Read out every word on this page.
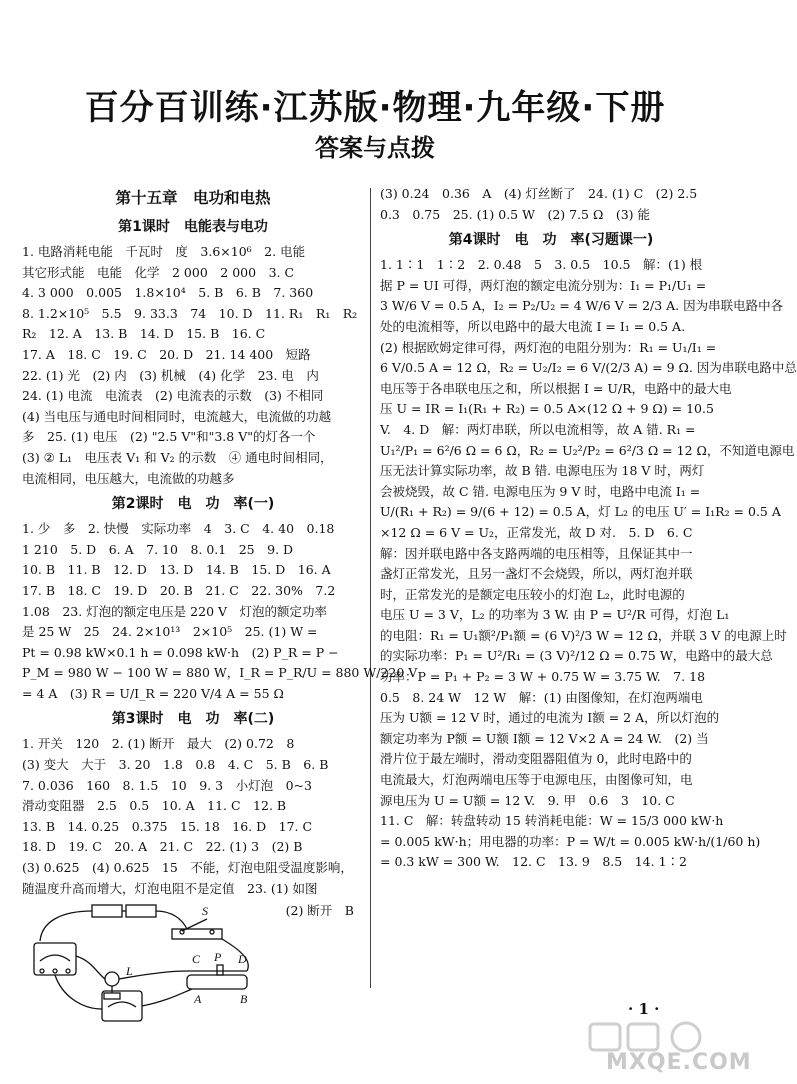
百分百训练·江苏版·物理·九年级·下册
答案与点拨
第十五章　电功和电热
第1课时　电能表与电功

1. 电路消耗电能　千瓦时　度　3.6×10⁶　2. 电能

其它形式能　电能　化学　2 000　2 000　3. C

4. 3 000　0.005　1.8×10⁴　5. B　6. B　7. 360

8. 1.2×10⁵　5.5　9. 33.3　74　10. D　11. R₁　R₁　R₂

R₂　12. A　13. B　14. D　15. B　16. C

17. A　18. C　19. C　20. D　21. 14 400　短路

22. (1) 光　(2) 内　(3) 机械　(4) 化学　23. 电　内

24. (1) 电流　电流表　(2) 电流表的示数　(3) 不相同

(4) 当电压与通电时间相同时，电流越大，电流做的功越

多　25. (1) 电压　(2) "2.5 V"和"3.8 V"的灯各一个

(3) ② L₁　电压表 V₁ 和 V₂ 的示数　④ 通电时间相同，

电流相同，电压越大，电流做的功越多

第2课时　电　功　率(一)

1. 少　多　2. 快慢　实际功率　4　3. C　4. 40　0.18

1 210　5. D　6. A　7. 10　8. 0.1　25　9. D

10. B　11. B　12. D　13. D　14. B　15. D　16. A

17. B　18. C　19. D　20. B　21. C　22. 30%　7.2

1.08　23. 灯泡的额定电压是 220 V　灯泡的额定功率

是 25 W　25　24. 2×10¹³　2×10⁵　25. (1) W =

Pt = 0.98 kW×0.1 h = 0.098 kW·h　(2) P_R = P −

P_M = 980 W − 100 W = 880 W，I_R = P_R/U = 880 W/220 V

= 4 A　(3) R = U/I_R = 220 V/4 A = 55 Ω

第3课时　电　功　率(二)

1. 开关　120　2. (1) 断开　最大　(2) 0.72　8

(3) 变大　大于　3. 20　1.8　0.8　4. C　5. B　6. B

7. 0.036　160　8. 1.5　10　9. 3　小灯泡　0~3

滑动变阻器　2.5　0.5　10. A　11. C　12. B

13. B　14. 0.25　0.375　15. 18　16. D　17. C

18. D　19. C　20. A　21. C　22. (1) 3　(2) B

(3) 0.625　(4) 0.625　15　不能，灯泡电阻受温度影响，

随温度升高而增大，灯泡电阻不是定值　23. (1) 如图

(2) 断开　B
S
L
C P D
A	B

(3) 0.24　0.36　A　(4) 灯丝断了　24. (1) C　(2) 2.5

0.3　0.75　25. (1) 0.5 W　(2) 7.5 Ω　(3) 能

第4课时　电　功　率(习题课一)

1. 1∶1　1∶2　2. 0.48　5　3. 0.5　10.5　解：(1) 根

据 P = UI 可得，两灯泡的额定电流分别为：I₁ = P₁/U₁ =

3 W/6 V = 0.5 A，I₂ = P₂/U₂ = 4 W/6 V = 2/3 A. 因为串联电路中各

处的电流相等，所以电路中的最大电流 I = I₁ = 0.5 A.

(2) 根据欧姆定律可得，两灯泡的电阻分别为：R₁ = U₁/I₁ =

6 V/0.5 A = 12 Ω，R₂ = U₂/I₂ = 6 V/(2/3 A) = 9 Ω. 因为串联电路中总

电压等于各串联电压之和，所以根据 I = U/R，电路中的最大电

压 U = IR = I₁(R₁ + R₂) = 0.5 A×(12 Ω + 9 Ω) = 10.5

V.　4. D　解：两灯串联，所以电流相等，故 A 错. R₁ =

U₁²/P₁ = 6²/6 Ω = 6 Ω，R₂ = U₂²/P₂ = 6²/3 Ω = 12 Ω，不知道电源电

压无法计算实际功率，故 B 错. 电源电压为 18 V 时，两灯

会被烧毁，故 C 错. 电源电压为 9 V 时，电路中电流 I₁ =

U/(R₁ + R₂) = 9/(6 + 12) = 0.5 A，灯 L₂ 的电压 U′ = I₁R₂ = 0.5 A

×12 Ω = 6 V = U₂，正常发光，故 D 对.　5. D　6. C

解：因并联电路中各支路两端的电压相等，且保证其中一

盏灯正常发光，且另一盏灯不会烧毁，所以，两灯泡并联

时，正常发光的是额定电压较小的灯泡 L₂，此时电源的

电压 U = 3 V，L₂ 的功率为 3 W. 由 P = U²/R 可得，灯泡 L₁

的电阻：R₁ = U₁额²/P₁额 = (6 V)²/3 W = 12 Ω，并联 3 V 的电源上时

的实际功率：P₁ = U²/R₁ = (3 V)²/12 Ω = 0.75 W，电路中的最大总

功率：P = P₁ + P₂ = 3 W + 0.75 W = 3.75 W.　7. 18

0.5　8. 24 W　12 W　解：(1) 由图像知，在灯泡两端电

压为 U额 = 12 V 时，通过的电流为 I额 = 2 A，所以灯泡的

额定功率为 P额 = U额 I额 = 12 V×2 A = 24 W.　(2) 当

滑片位于最左端时，滑动变阻器阻值为 0，此时电路中的

电流最大，灯泡两端电压等于电源电压，由图像可知，电

源电压为 U = U额 = 12 V.　9. 甲　0.6　3　10. C

11. C　解：转盘转动 15 转消耗电能：W = 15/3 000 kW·h

= 0.005 kW·h；用电器的功率：P = W/t = 0.005 kW·h/(1/60 h)

= 0.3 kW = 300 W.　12. C　13. 9　8.5　14. 1∶2

· 1 ·
MXQE.COM
